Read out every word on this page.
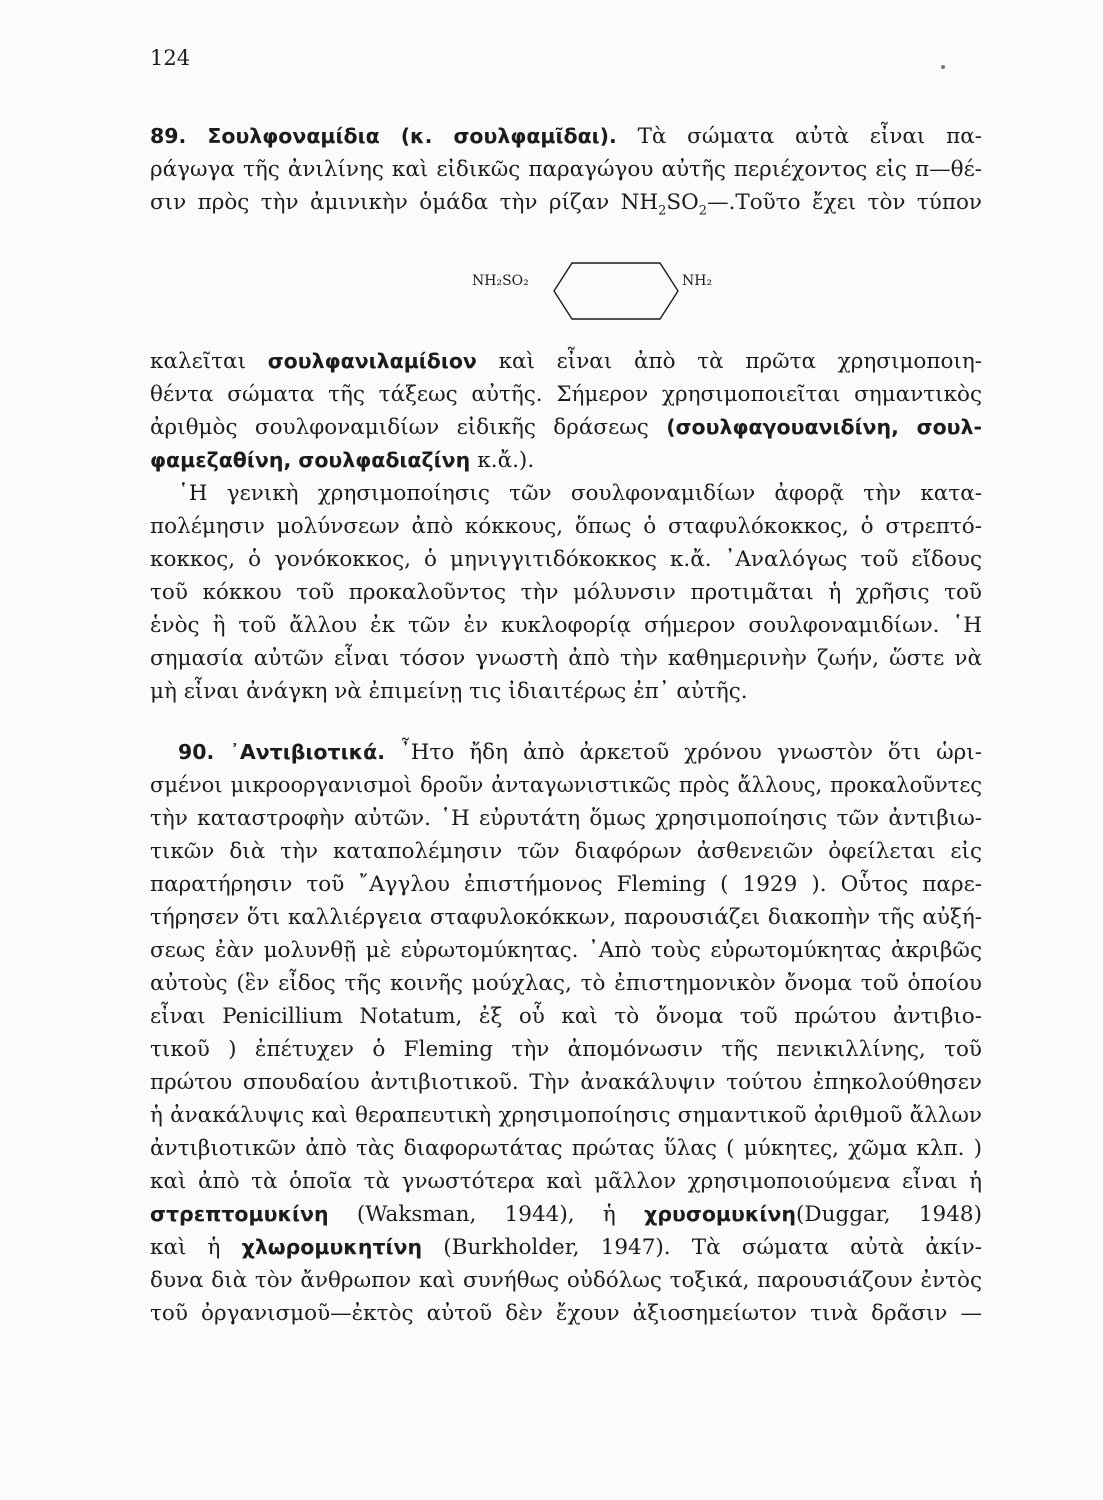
124
89. Σουλφοναμίδια (κ. σουλφαμῖδαι). Τὰ σώματα αὐτὰ εἶναι πα-
ράγωγα τῆς ἀνιλίνης καὶ εἰδικῶς παραγώγου αὐτῆς περιέχοντος εἰς π—θέ-
σιν πρὸς τὴν ἀμινικὴν ὁμάδα τὴν ρίζαν $NH_2SO_2—.Toῦ\tau o$ ἔχει τὸν τύπον
NH₂SO₂	NH₂
καλεῖται σουλφανιλαμίδιον καὶ εἶναι ἀπὸ τὰ πρῶτα χρησιμοποιη-
θέντα σώματα τῆς τάξεως αὐτῆς. Σήμερον χρησιμοποιεῖται σημαντικὸς
ἀριθμὸς σουλφοναμιδίων εἰδικῆς δράσεως (σουλφαγουανιδίνη, σουλ-
φαμεζαθίνη, σουλφαδιαζίνη κ.ἄ.).
῾Η γενικὴ χρησιμοποίησις τῶν σουλφοναμιδίων ἀφορᾷ τὴν κατα-
πολέμησιν μολύνσεων ἀπὸ κόκκους, ὅπως ὁ σταφυλόκοκκος, ὁ στρεπτό-
κοκκος, ὁ γονόκοκκος, ὁ μηνιγγιτιδόκοκκος κ.ἄ. ᾿Αναλόγως τοῦ εἴδους
τοῦ κόκκου τοῦ προκαλοῦντος τὴν μόλυνσιν προτιμᾶται ἡ χρῆσις τοῦ
ἑνὸς ἢ τοῦ ἄλλου ἐκ τῶν ἐν κυκλοφορίᾳ σήμερον σουλφοναμιδίων. ῾Η
σημασία αὐτῶν εἶναι τόσον γνωστὴ ἀπὸ τὴν καθημερινὴν ζωήν, ὥστε νὰ
μὴ εἶναι ἀνάγκη νὰ ἐπιμείνῃ τις ἰδιαιτέρως ἐπ᾽ αὐτῆς.
90. ᾿Αντιβιοτικά. ῏Ητο ἤδη ἀπὸ ἀρκετοῦ χρόνου γνωστὸν ὅτι ὡρι-
σμένοι μικροοργανισμοὶ δροῦν ἀνταγωνιστικῶς πρὸς ἄλλους, προκαλοῦντες
τὴν καταστροφὴν αὐτῶν. ῾Η εὐρυτάτη ὅμως χρησιμοποίησις τῶν ἀντιβιω-
τικῶν διὰ τὴν καταπολέμησιν τῶν διαφόρων ἀσθενειῶν ὀφείλεται εἰς
παρατήρησιν τοῦ ῎Αγγλου ἐπιστήμονος Fleming ( 1929 ). Οὗτος παρε-
τήρησεν ὅτι καλλιέργεια σταφυλοκόκκων, παρουσιάζει διακοπὴν τῆς αὐξή-
σεως ἐὰν μολυνθῇ μὲ εὐρωτομύκητας. ᾿Απὸ τοὺς εὐρωτομύκητας ἀκριβῶς
αὐτοὺς (ἓν εἶδος τῆς κοινῆς μούχλας, τὸ ἐπιστημονικὸν ὄνομα τοῦ ὁποίου
εἶναι Penicillium Notatum, ἐξ οὗ καὶ τὸ ὄνομα τοῦ πρώτου ἀντιβιο-
τικοῦ ) ἐπέτυχεν ὁ Fleming τὴν ἀπομόνωσιν τῆς πενικιλλίνης, τοῦ
πρώτου σπουδαίου ἀντιβιοτικοῦ. Τὴν ἀνακάλυψιν τούτου ἐπηκολούθησεν
ἡ ἀνακάλυψις καὶ θεραπευτικὴ χρησιμοποίησις σημαντικοῦ ἀριθμοῦ ἄλλων
ἀντιβιοτικῶν ἀπὸ τὰς διαφορωτάτας πρώτας ὕλας ( μύκητες, χῶμα κλπ. )
καὶ ἀπὸ τὰ ὁποῖα τὰ γνωστότερα καὶ μᾶλλον χρησιμοποιούμενα εἶναι ἡ
στρεπτομυκίνη (Waksman, 1944), ἡ χρυσομυκίνη(Duggar, 1948)
καὶ ἡ χλωρομυκητίνη (Burkholder, 1947). Τὰ σώματα αὐτὰ ἀκίν-
δυνα διὰ τὸν ἄνθρωπον καὶ συνήθως οὐδόλως τοξικά, παρουσιάζουν ἐντὸς
τοῦ ὀργανισμοῦ—ἐκτὸς αὐτοῦ δὲν ἔχουν ἀξιοσημείωτον τινὰ δρᾶσιν —
